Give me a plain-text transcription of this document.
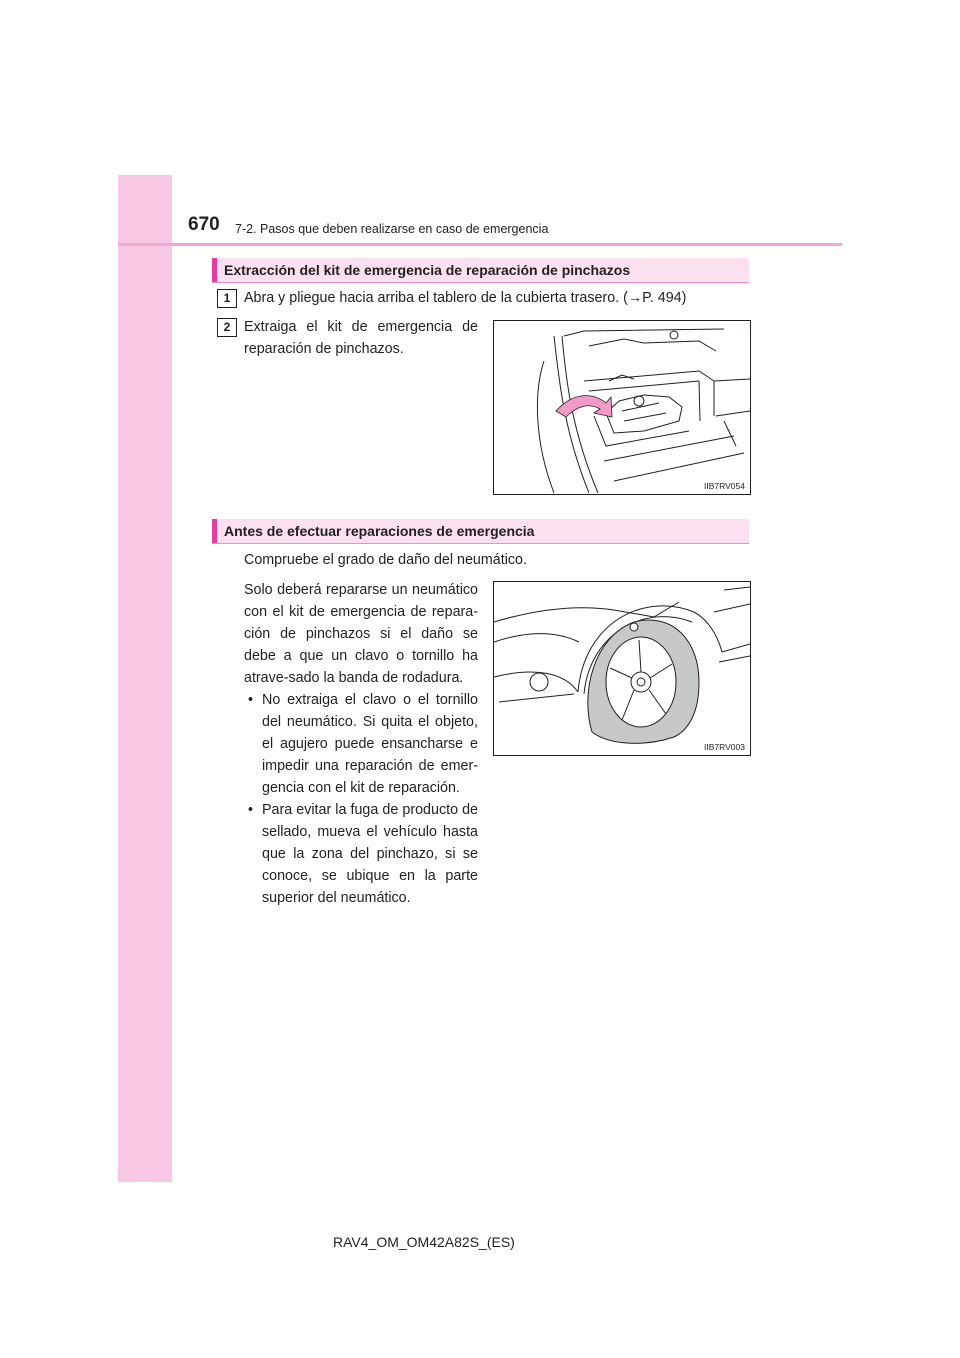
670 7-2. Pasos que deben realizarse en caso de emergencia
Extracción del kit de emergencia de reparación de pinchazos
1 Abra y pliegue hacia arriba el tablero de la cubierta trasero. (→P. 494)
2 Extraiga el kit de emergencia de reparación de pinchazos.
IIB7RV054
Antes de efectuar reparaciones de emergencia
Compruebe el grado de daño del neumático.

Solo deberá repararse un neumático con el kit de emergencia de repara-ción de pinchazos si el daño se debe a que un clavo o tornillo ha atrave-sado la banda de rodadura.

• No extraiga el clavo o el tornillo del neumático. Si quita el objeto, el agujero puede ensancharse e impedir una reparación de emer-gencia con el kit de reparación.
• Para evitar la fuga de producto de sellado, mueva el vehículo hasta que la zona del pinchazo, si se conoce, se ubique en la parte superior del neumático.
IIB7RV003
RAV4_OM_OM42A82S_(ES)
